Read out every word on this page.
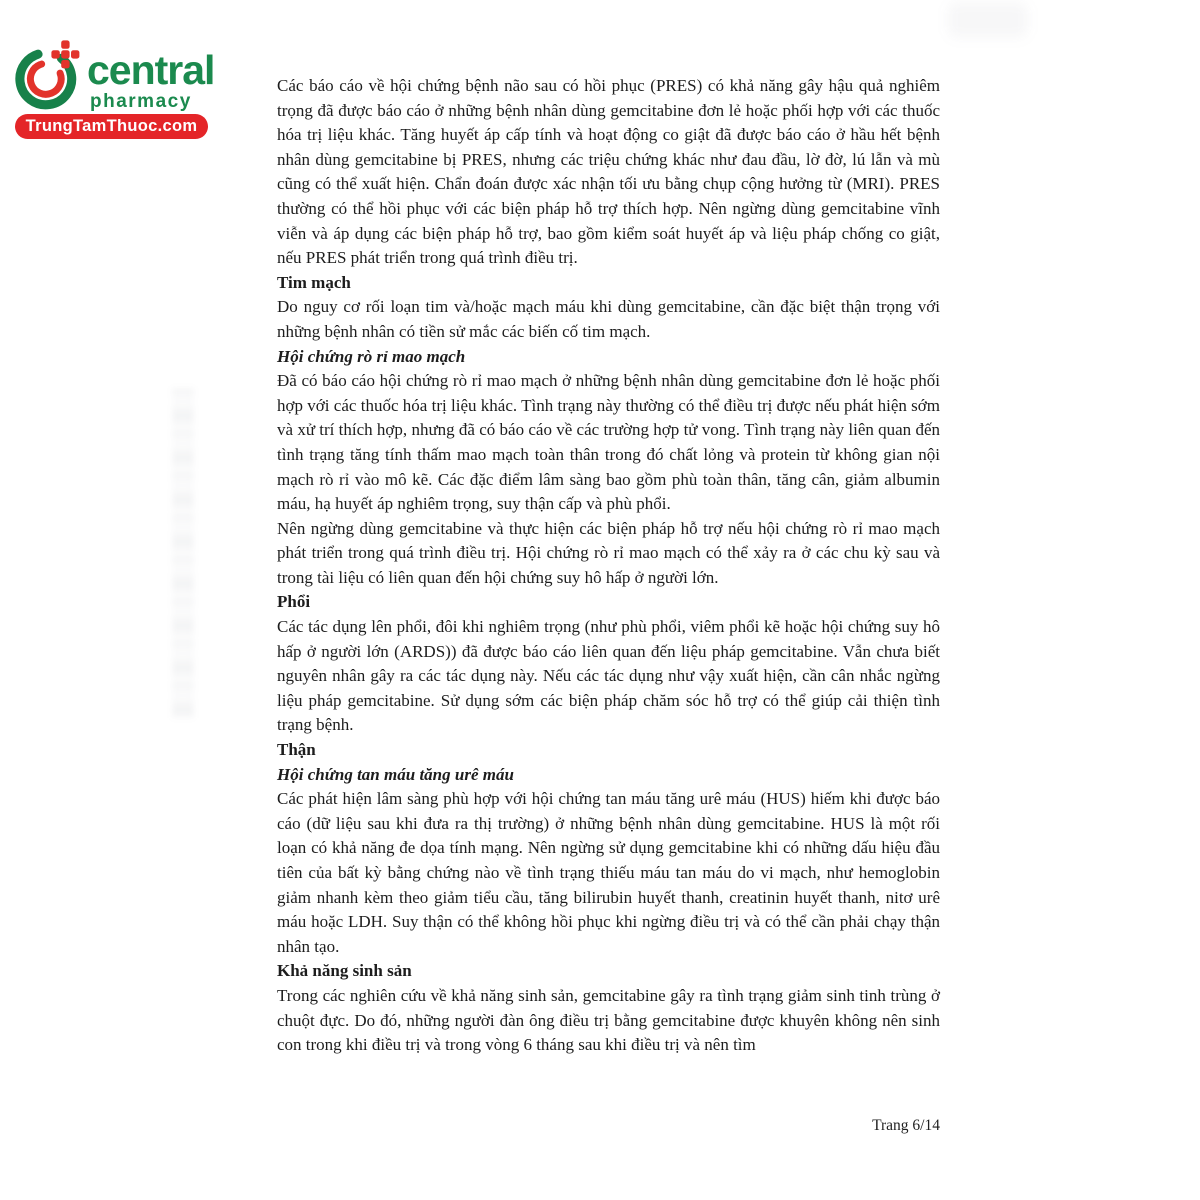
central
pharmacy
TrungTamThuoc.com

Các báo cáo về hội chứng bệnh não sau có hồi phục (PRES) có khả năng gây hậu quả nghiêm trọng đã được báo cáo ở những bệnh nhân dùng gemcitabine đơn lẻ hoặc phối hợp với các thuốc hóa trị liệu khác. Tăng huyết áp cấp tính và hoạt động co giật đã được báo cáo ở hầu hết bệnh nhân dùng gemcitabine bị PRES, nhưng các triệu chứng khác như đau đầu, lờ đờ, lú lẫn và mù cũng có thể xuất hiện. Chẩn đoán được xác nhận tối ưu bằng chụp cộng hưởng từ (MRI). PRES thường có thể hồi phục với các biện pháp hỗ trợ thích hợp. Nên ngừng dùng gemcitabine vĩnh viễn và áp dụng các biện pháp hỗ trợ, bao gồm kiểm soát huyết áp và liệu pháp chống co giật, nếu PRES phát triển trong quá trình điều trị.

Tim mạch

Do nguy cơ rối loạn tim và/hoặc mạch máu khi dùng gemcitabine, cần đặc biệt thận trọng với những bệnh nhân có tiền sử mắc các biến cố tim mạch.

Hội chứng rò rỉ mao mạch

Đã có báo cáo hội chứng rò rỉ mao mạch ở những bệnh nhân dùng gemcitabine đơn lẻ hoặc phối hợp với các thuốc hóa trị liệu khác. Tình trạng này thường có thể điều trị được nếu phát hiện sớm và xử trí thích hợp, nhưng đã có báo cáo về các trường hợp tử vong. Tình trạng này liên quan đến tình trạng tăng tính thấm mao mạch toàn thân trong đó chất lỏng và protein từ không gian nội mạch rò rỉ vào mô kẽ. Các đặc điểm lâm sàng bao gồm phù toàn thân, tăng cân, giảm albumin máu, hạ huyết áp nghiêm trọng, suy thận cấp và phù phổi.

Nên ngừng dùng gemcitabine và thực hiện các biện pháp hỗ trợ nếu hội chứng rò rỉ mao mạch phát triển trong quá trình điều trị. Hội chứng rò rỉ mao mạch có thể xảy ra ở các chu kỳ sau và trong tài liệu có liên quan đến hội chứng suy hô hấp ở người lớn.

Phổi

Các tác dụng lên phổi, đôi khi nghiêm trọng (như phù phổi, viêm phổi kẽ hoặc hội chứng suy hô hấp ở người lớn (ARDS)) đã được báo cáo liên quan đến liệu pháp gemcitabine. Vẫn chưa biết nguyên nhân gây ra các tác dụng này. Nếu các tác dụng như vậy xuất hiện, cần cân nhắc ngừng liệu pháp gemcitabine. Sử dụng sớm các biện pháp chăm sóc hỗ trợ có thể giúp cải thiện tình trạng bệnh.

Thận

Hội chứng tan máu tăng urê máu

Các phát hiện lâm sàng phù hợp với hội chứng tan máu tăng urê máu (HUS) hiếm khi được báo cáo (dữ liệu sau khi đưa ra thị trường) ở những bệnh nhân dùng gemcitabine. HUS là một rối loạn có khả năng đe dọa tính mạng. Nên ngừng sử dụng gemcitabine khi có những dấu hiệu đầu tiên của bất kỳ bằng chứng nào về tình trạng thiếu máu tan máu do vi mạch, như hemoglobin giảm nhanh kèm theo giảm tiểu cầu, tăng bilirubin huyết thanh, creatinin huyết thanh, nitơ urê máu hoặc LDH. Suy thận có thể không hồi phục khi ngừng điều trị và có thể cần phải chạy thận nhân tạo.

Khả năng sinh sản

Trong các nghiên cứu về khả năng sinh sản, gemcitabine gây ra tình trạng giảm sinh tinh trùng ở chuột đực. Do đó, những người đàn ông điều trị bằng gemcitabine được khuyên không nên sinh con trong khi điều trị và trong vòng 6 tháng sau khi điều trị và nên tìm

Trang 6/14
